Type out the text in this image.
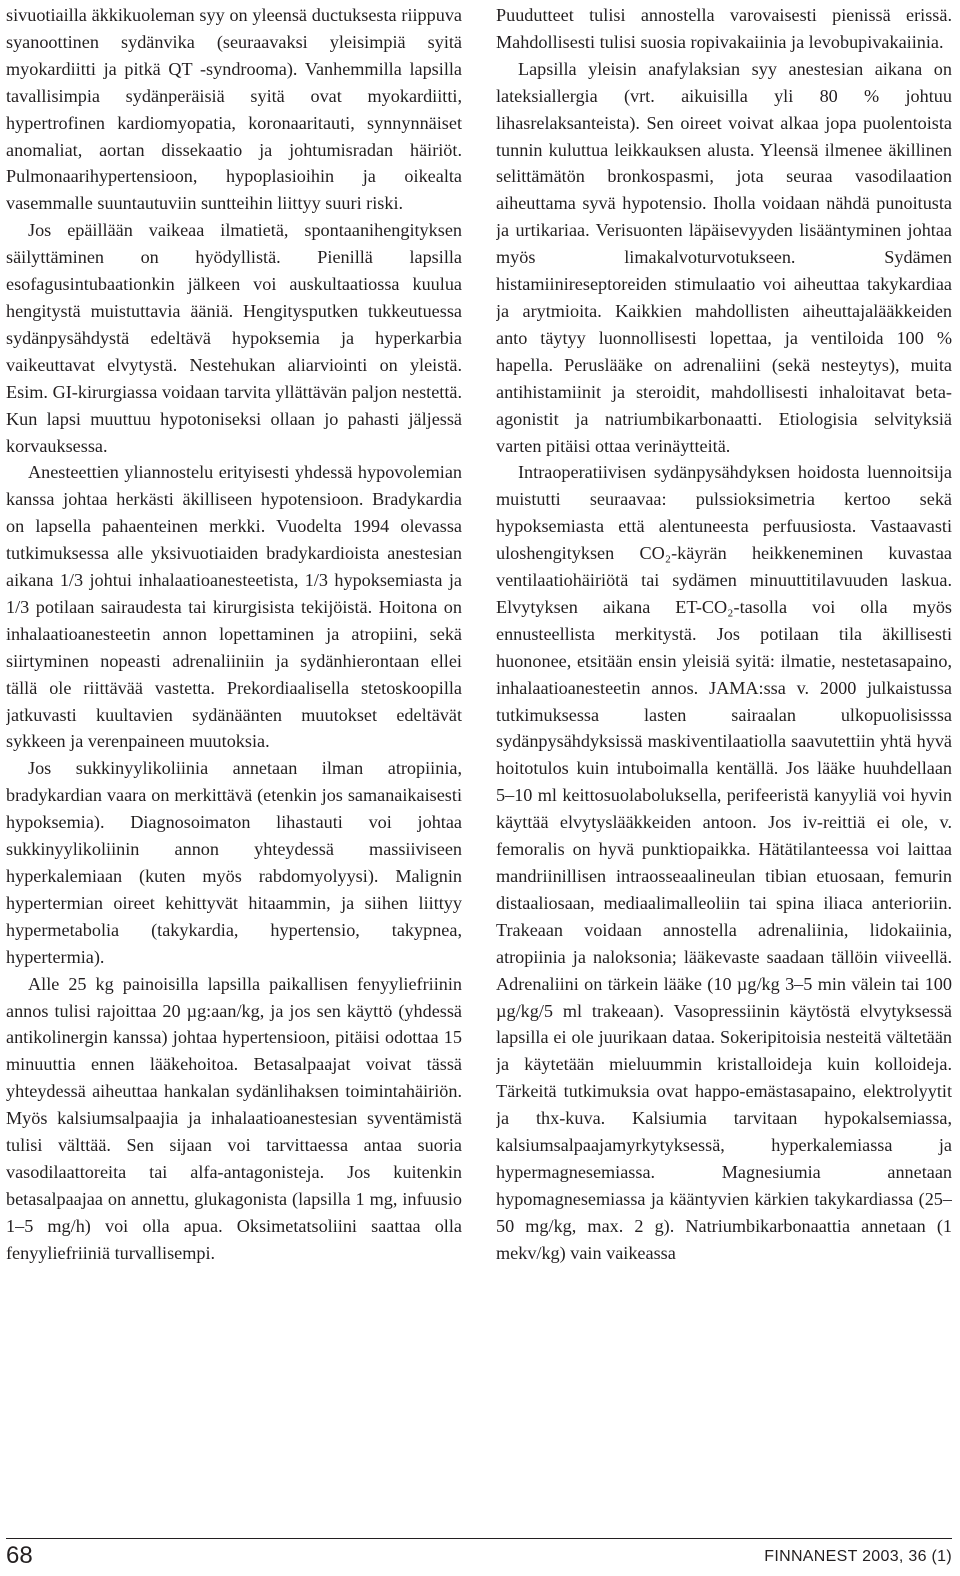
sivuotiailla äkkikuoleman syy on yleensä ductuksesta riippuva syanoottinen sydänvika (seuraavaksi yleisimpiä syitä myokardiitti ja pitkä QT -syndrooma). Vanhemmilla lapsilla tavallisimpia sydänperäisiä syitä ovat myokardiitti, hypertrofinen kardiomyopatia, koronaaritauti, synnynnäiset anomaliat, aortan dissekaatio ja johtumisradan häiriöt. Pulmonaarihypertensioon, hypoplasioihin ja oikealta vasemmalle suuntautuviin suntteihin liittyy suuri riski.

Jos epäillään vaikeaa ilmatietä, spontaanihengityksen säilyttäminen on hyödyllistä. Pienillä lapsilla esofagusintubaationkin jälkeen voi auskultaatiossa kuulua hengitystä muistuttavia ääniä. Hengitysputken tukkeutuessa sydänpysähdystä edeltävä hypoksemia ja hyperkarbia vaikeuttavat elvytystä. Nestehukan aliarviointi on yleistä. Esim. GI-kirurgiassa voidaan tarvita yllättävän paljon nestettä. Kun lapsi muuttuu hypotoniseksi ollaan jo pahasti jäljessä korvauksessa.

Anesteettien yliannostelu erityisesti yhdessä hypovolemian kanssa johtaa herkästi äkilliseen hypotensioon. Bradykardia on lapsella pahaenteinen merkki. Vuodelta 1994 olevassa tutkimuksessa alle yksivuotiaiden bradykardioista anestesian aikana 1/3 johtui inhalaatioanesteetista, 1/3 hypoksemiasta ja 1/3 potilaan sairaudesta tai kirurgisista tekijöistä. Hoitona on inhalaatioanesteetin annon lopettaminen ja atropiini, sekä siirtyminen nopeasti adrenaliiniin ja sydänhierontaan ellei tällä ole riittävää vastetta. Prekordiaalisella stetoskoopilla jatkuvasti kuultavien sydänäänten muutokset edeltävät sykkeen ja verenpaineen muutoksia.

Jos sukkinyylikoliinia annetaan ilman atropiinia, bradykardian vaara on merkittävä (etenkin jos samanaikaisesti hypoksemia). Diagnosoimaton lihastauti voi johtaa sukkinyylikoliinin annon yhteydessä massiiviseen hyperkalemiaan (kuten myös rabdomyolyysi). Malignin hypertermian oireet kehittyvät hitaammin, ja siihen liittyy hypermetabolia (takykardia, hypertensio, takypnea, hypertermia).

Alle 25 kg painoisilla lapsilla paikallisen fenyyliefriinin annos tulisi rajoittaa 20 µg:aan/kg, ja jos sen käyttö (yhdessä antikolinergin kanssa) johtaa hypertensioon, pitäisi odottaa 15 minuuttia ennen lääkehoitoa. Betasalpaajat voivat tässä yhteydessä aiheuttaa hankalan sydänlihaksen toimintahäiriön. Myös kalsiumsalpaajia ja inhalaatioanestesian syventämistä tulisi välttää. Sen sijaan voi tarvittaessa antaa suoria vasodilaattoreita tai alfa-antagonisteja. Jos kuitenkin betasalpaajaa on annettu, glukagonista (lapsilla 1 mg, infuusio 1–5 mg/h) voi olla apua. Oksimetatsoliini saattaa olla fenyyliefriiniä turvallisempi.

Puudutteet tulisi annostella varovaisesti pienissä erissä. Mahdollisesti tulisi suosia ropivakaiinia ja levobupivakaiinia.

Lapsilla yleisin anafylaksian syy anestesian aikana on lateksiallergia (vrt. aikuisilla yli 80 % johtuu lihasrelaksanteista). Sen oireet voivat alkaa jopa puolentoista tunnin kuluttua leikkauksen alusta. Yleensä ilmenee äkillinen selittämätön bronkospasmi, jota seuraa vasodilaation aiheuttama syvä hypotensio. Iholla voidaan nähdä punoitusta ja urtikariaa. Verisuonten läpäisevyyden lisääntyminen johtaa myös limakalvoturvotukseen. Sydämen histamiinireseptoreiden stimulaatio voi aiheuttaa takykardiaa ja arytmioita. Kaikkien mahdollisten aiheuttajalääkkeiden anto täytyy luonnollisesti lopettaa, ja ventiloida 100 % hapella. Peruslääke on adrenaliini (sekä nesteytys), muita antihistamiinit ja steroidit, mahdollisesti inhaloitavat beta-agonistit ja natriumbikarbonaatti. Etiologisia selvityksiä varten pitäisi ottaa verinäytteitä.

Intraoperatiivisen sydänpysähdyksen hoidosta luennoitsija muistutti seuraavaa: pulssioksimetria kertoo sekä hypoksemiasta että alentuneesta perfuusiosta. Vastaavasti uloshengityksen CO₂-käyrän heikkeneminen kuvastaa ventilaatiohäiriötä tai sydämen minuuttitilavuuden laskua. Elvytyksen aikana ET-CO₂-tasolla voi olla myös ennusteellista merkitystä. Jos potilaan tila äkillisesti huononee, etsitään ensin yleisiä syitä: ilmatie, nestetasapaino, inhalaatioanesteetin annos. JAMA:ssa v. 2000 julkaistussa tutkimuksessa lasten sairaalan ulkopuolisisssa sydänpysähdyksissä maskiventilaatiolla saavutettiin yhtä hyvä hoitotulos kuin intuboimalla kentällä. Jos lääke huuhdellaan 5–10 ml keittosuolaboluksella, perifeeristä kanyyliä voi hyvin käyttää elvytyslääkkeiden antoon. Jos iv-reittiä ei ole, v. femoralis on hyvä punktiopaikka. Hätätilanteessa voi laittaa mandriinillisen intraosseaalineulan tibian etuosaan, femurin distaaliosaan, mediaalimalleoliin tai spina iliaca anterioriin. Trakeaan voidaan annostella adrenaliinia, lidokaiinia, atropiinia ja naloksonia; lääkevaste saadaan tällöin viiveellä. Adrenaliini on tärkein lääke (10 µg/kg 3–5 min välein tai 100 µg/kg/5 ml trakeaan). Vasopressiinin käytöstä elvytyksessä lapsilla ei ole juurikaan dataa. Sokeripitoisia nesteitä vältetään ja käytetään mieluummin kristalloideja kuin kolloideja. Tärkeitä tutkimuksia ovat happo-emästasapaino, elektrolyytit ja thx-kuva. Kalsiumia tarvitaan hypokalsemiassa, kalsiumsalpaajamyrkytyksessä, hyperkalemiassa ja hypermagnesemiassa. Magnesiumia annetaan hypomagnesemiassa ja kääntyvien kärkien takykardiassa (25–50 mg/kg, max. 2 g). Natriumbikarbonaattia annetaan (1 mekv/kg) vain vaikeassa

68	FINNANEST 2003, 36 (1)
